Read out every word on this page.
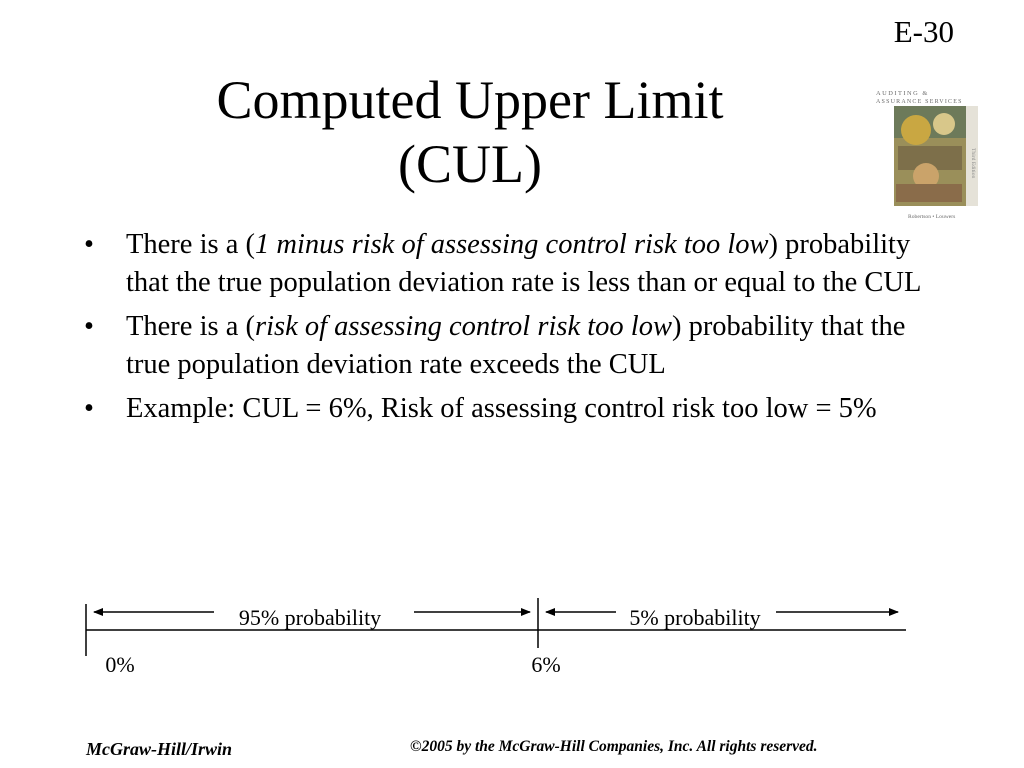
E-30
Computed Upper Limit
(CUL)
AUDITING &
ASSURANCE SERVICES
Third Edition
Robertson • Louwers
• There is a (1 minus risk of assessing control risk too low) probability that the true population deviation rate is less than or equal to the CUL
• There is a (risk of assessing control risk too low) probability that the true population deviation rate exceeds the CUL
• Example: CUL = 6%, Risk of assessing control risk too low = 5%
95% probability	5% probability
0%	6%
McGraw-Hill/Irwin	©2005 by the McGraw-Hill Companies, Inc. All rights reserved.
